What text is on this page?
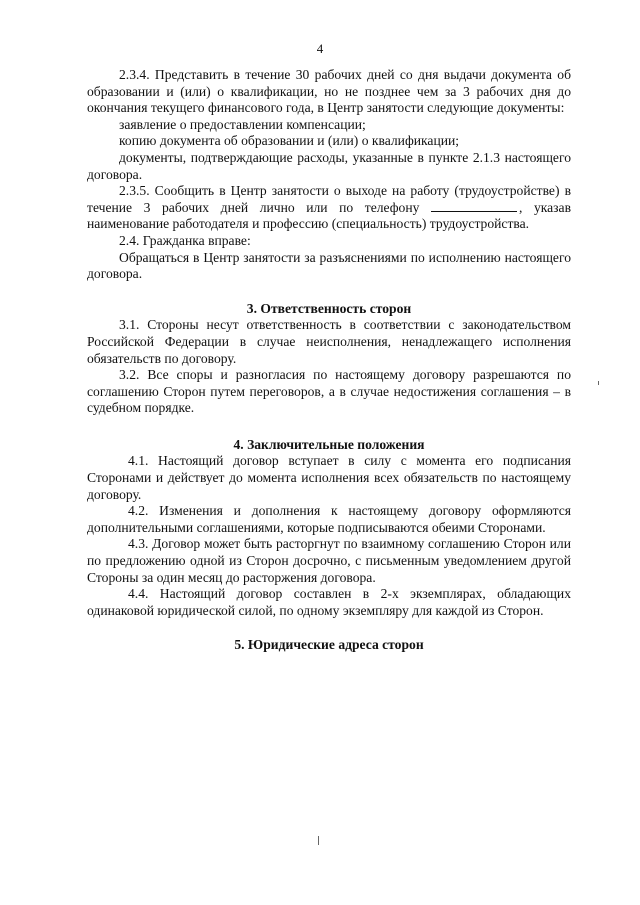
4

2.3.4. Представить в течение 30 рабочих дней со дня выдачи документа об образовании и (или) о квалификации, но не позднее чем за 3 рабочих дня до окончания текущего финансового года, в Центр занятости следующие документы:

заявление о предоставлении компенсации;

копию документа об образовании и (или) о квалификации;

документы, подтверждающие расходы, указанные в пункте 2.1.3 настоящего договора.

2.3.5. Сообщить в Центр занятости о выходе на работу (трудоустройстве) в течение 3 рабочих дней лично или по телефону	, указав наименование работодателя и профессию (специальность) трудоустройства.

2.4. Гражданка вправе:

Обращаться в Центр занятости за разъяснениями по исполнению настоящего договора.

3. Ответственность сторон

3.1. Стороны несут ответственность в соответствии с законодательством Российской Федерации в случае неисполнения, ненадлежащего исполнения обязательств по договору.

3.2. Все споры и разногласия по настоящему договору разрешаются по соглашению Сторон путем переговоров, а в случае недостижения соглашения – в судебном порядке.

4. Заключительные положения

4.1. Настоящий договор вступает в силу с момента его подписания Сторонами и действует до момента исполнения всех обязательств по настоящему договору.

4.2. Изменения и дополнения к настоящему договору оформляются дополнительными соглашениями, которые подписываются обеими Сторонами.

4.3. Договор может быть расторгнут по взаимному соглашению Сторон или по предложению одной из Сторон досрочно, с письменным уведомлением другой Стороны за один месяц до расторжения договора.

4.4. Настоящий договор составлен в 2-х экземплярах, обладающих одинаковой юридической силой, по одному экземпляру для каждой из Сторон.

5. Юридические адреса сторон
